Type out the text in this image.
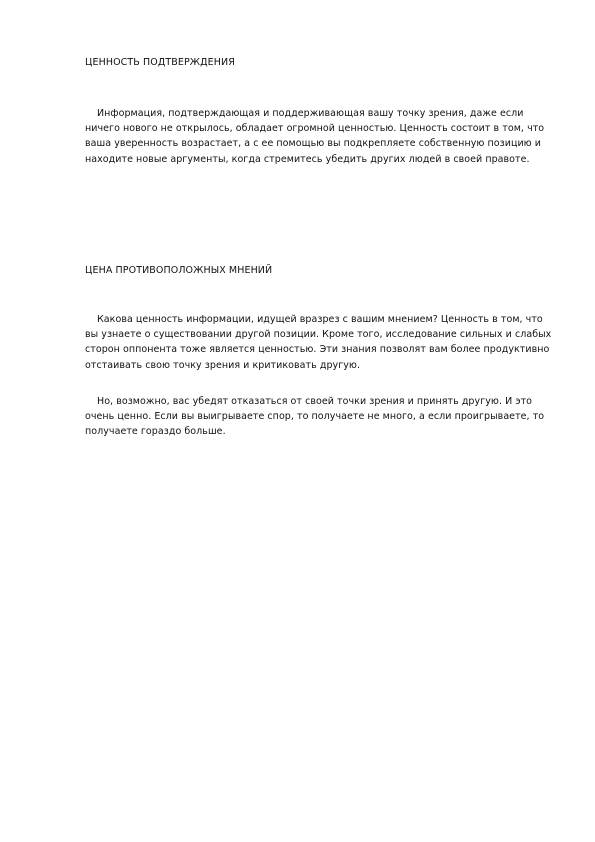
ЦЕННОСТЬ ПОДТВЕРЖДЕНИЯ

Информация, подтверждающая и поддерживающая вашу точку зрения, даже если ничего нового не открылось, обладает огромной ценностью. Ценность состоит в том, что ваша уверенность возрастает, а с ее помощью вы подкрепляете собственную позицию и находите новые аргументы, когда стремитесь убедить других людей в своей правоте.

ЦЕНА ПРОТИВОПОЛОЖНЫХ МНЕНИЙ

Какова ценность информации, идущей вразрез с вашим мнением? Ценность в том, что вы узнаете о существовании другой позиции. Кроме того, исследование сильных и слабых сторон оппонента тоже является ценностью. Эти знания позволят вам более продуктивно отстаивать свою точку зрения и критиковать другую.

Но, возможно, вас убедят отказаться от своей точки зрения и принять другую. И это очень ценно. Если вы выигрываете спор, то получаете не много, а если проигрываете, то получаете гораздо больше.
